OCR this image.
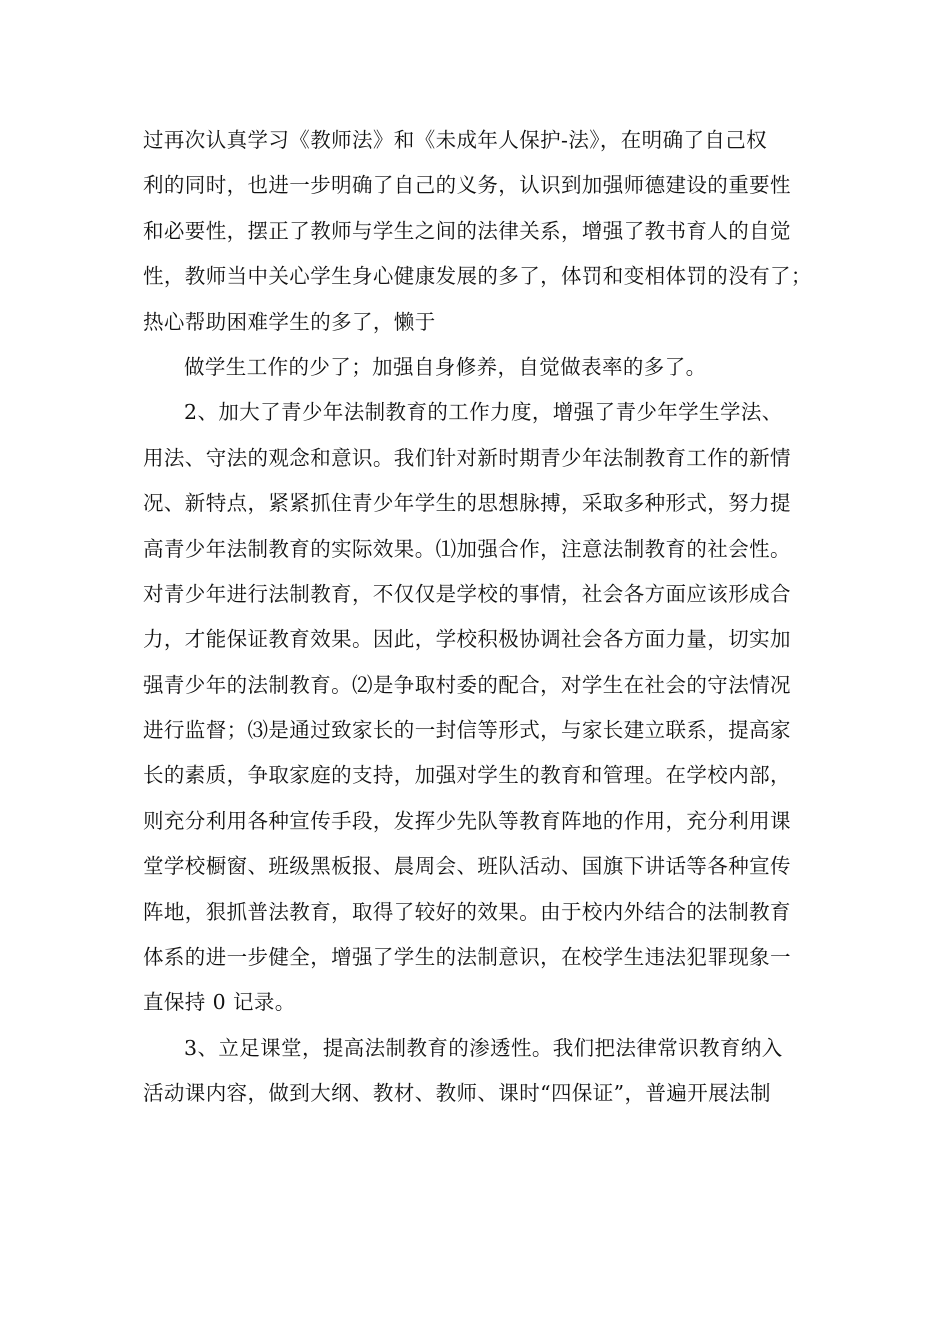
过再次认真学习《教师法》和《未成年人保护-法》，在明确了自己权
利的同时，也进一步明确了自己的义务，认识到加强师德建设的重要性
和必要性，摆正了教师与学生之间的法律关系，增强了教书育人的自觉
性，教师当中关心学生身心健康发展的多了，体罚和变相体罚的没有了；
热心帮助困难学生的多了，懒于
做学生工作的少了；加强自身修养，自觉做表率的多了。
2、加大了青少年法制教育的工作力度，增强了青少年学生学法、
用法、守法的观念和意识。我们针对新时期青少年法制教育工作的新情
况、新特点，紧紧抓住青少年学生的思想脉搏，采取多种形式，努力提
高青少年法制教育的实际效果。⑴加强合作，注意法制教育的社会性。
对青少年进行法制教育，不仅仅是学校的事情，社会各方面应该形成合
力，才能保证教育效果。因此，学校积极协调社会各方面力量，切实加
强青少年的法制教育。⑵是争取村委的配合，对学生在社会的守法情况
进行监督；⑶是通过致家长的一封信等形式，与家长建立联系，提高家
长的素质，争取家庭的支持，加强对学生的教育和管理。在学校内部，
则充分利用各种宣传手段，发挥少先队等教育阵地的作用，充分利用课
堂学校橱窗、班级黑板报、晨周会、班队活动、国旗下讲话等各种宣传
阵地，狠抓普法教育，取得了较好的效果。由于校内外结合的法制教育
体系的进一步健全，增强了学生的法制意识，在校学生违法犯罪现象一
直保持 0 记录。
3、立足课堂，提高法制教育的渗透性。我们把法律常识教育纳入
活动课内容，做到大纲、教材、教师、课时“四保证”，普遍开展法制
